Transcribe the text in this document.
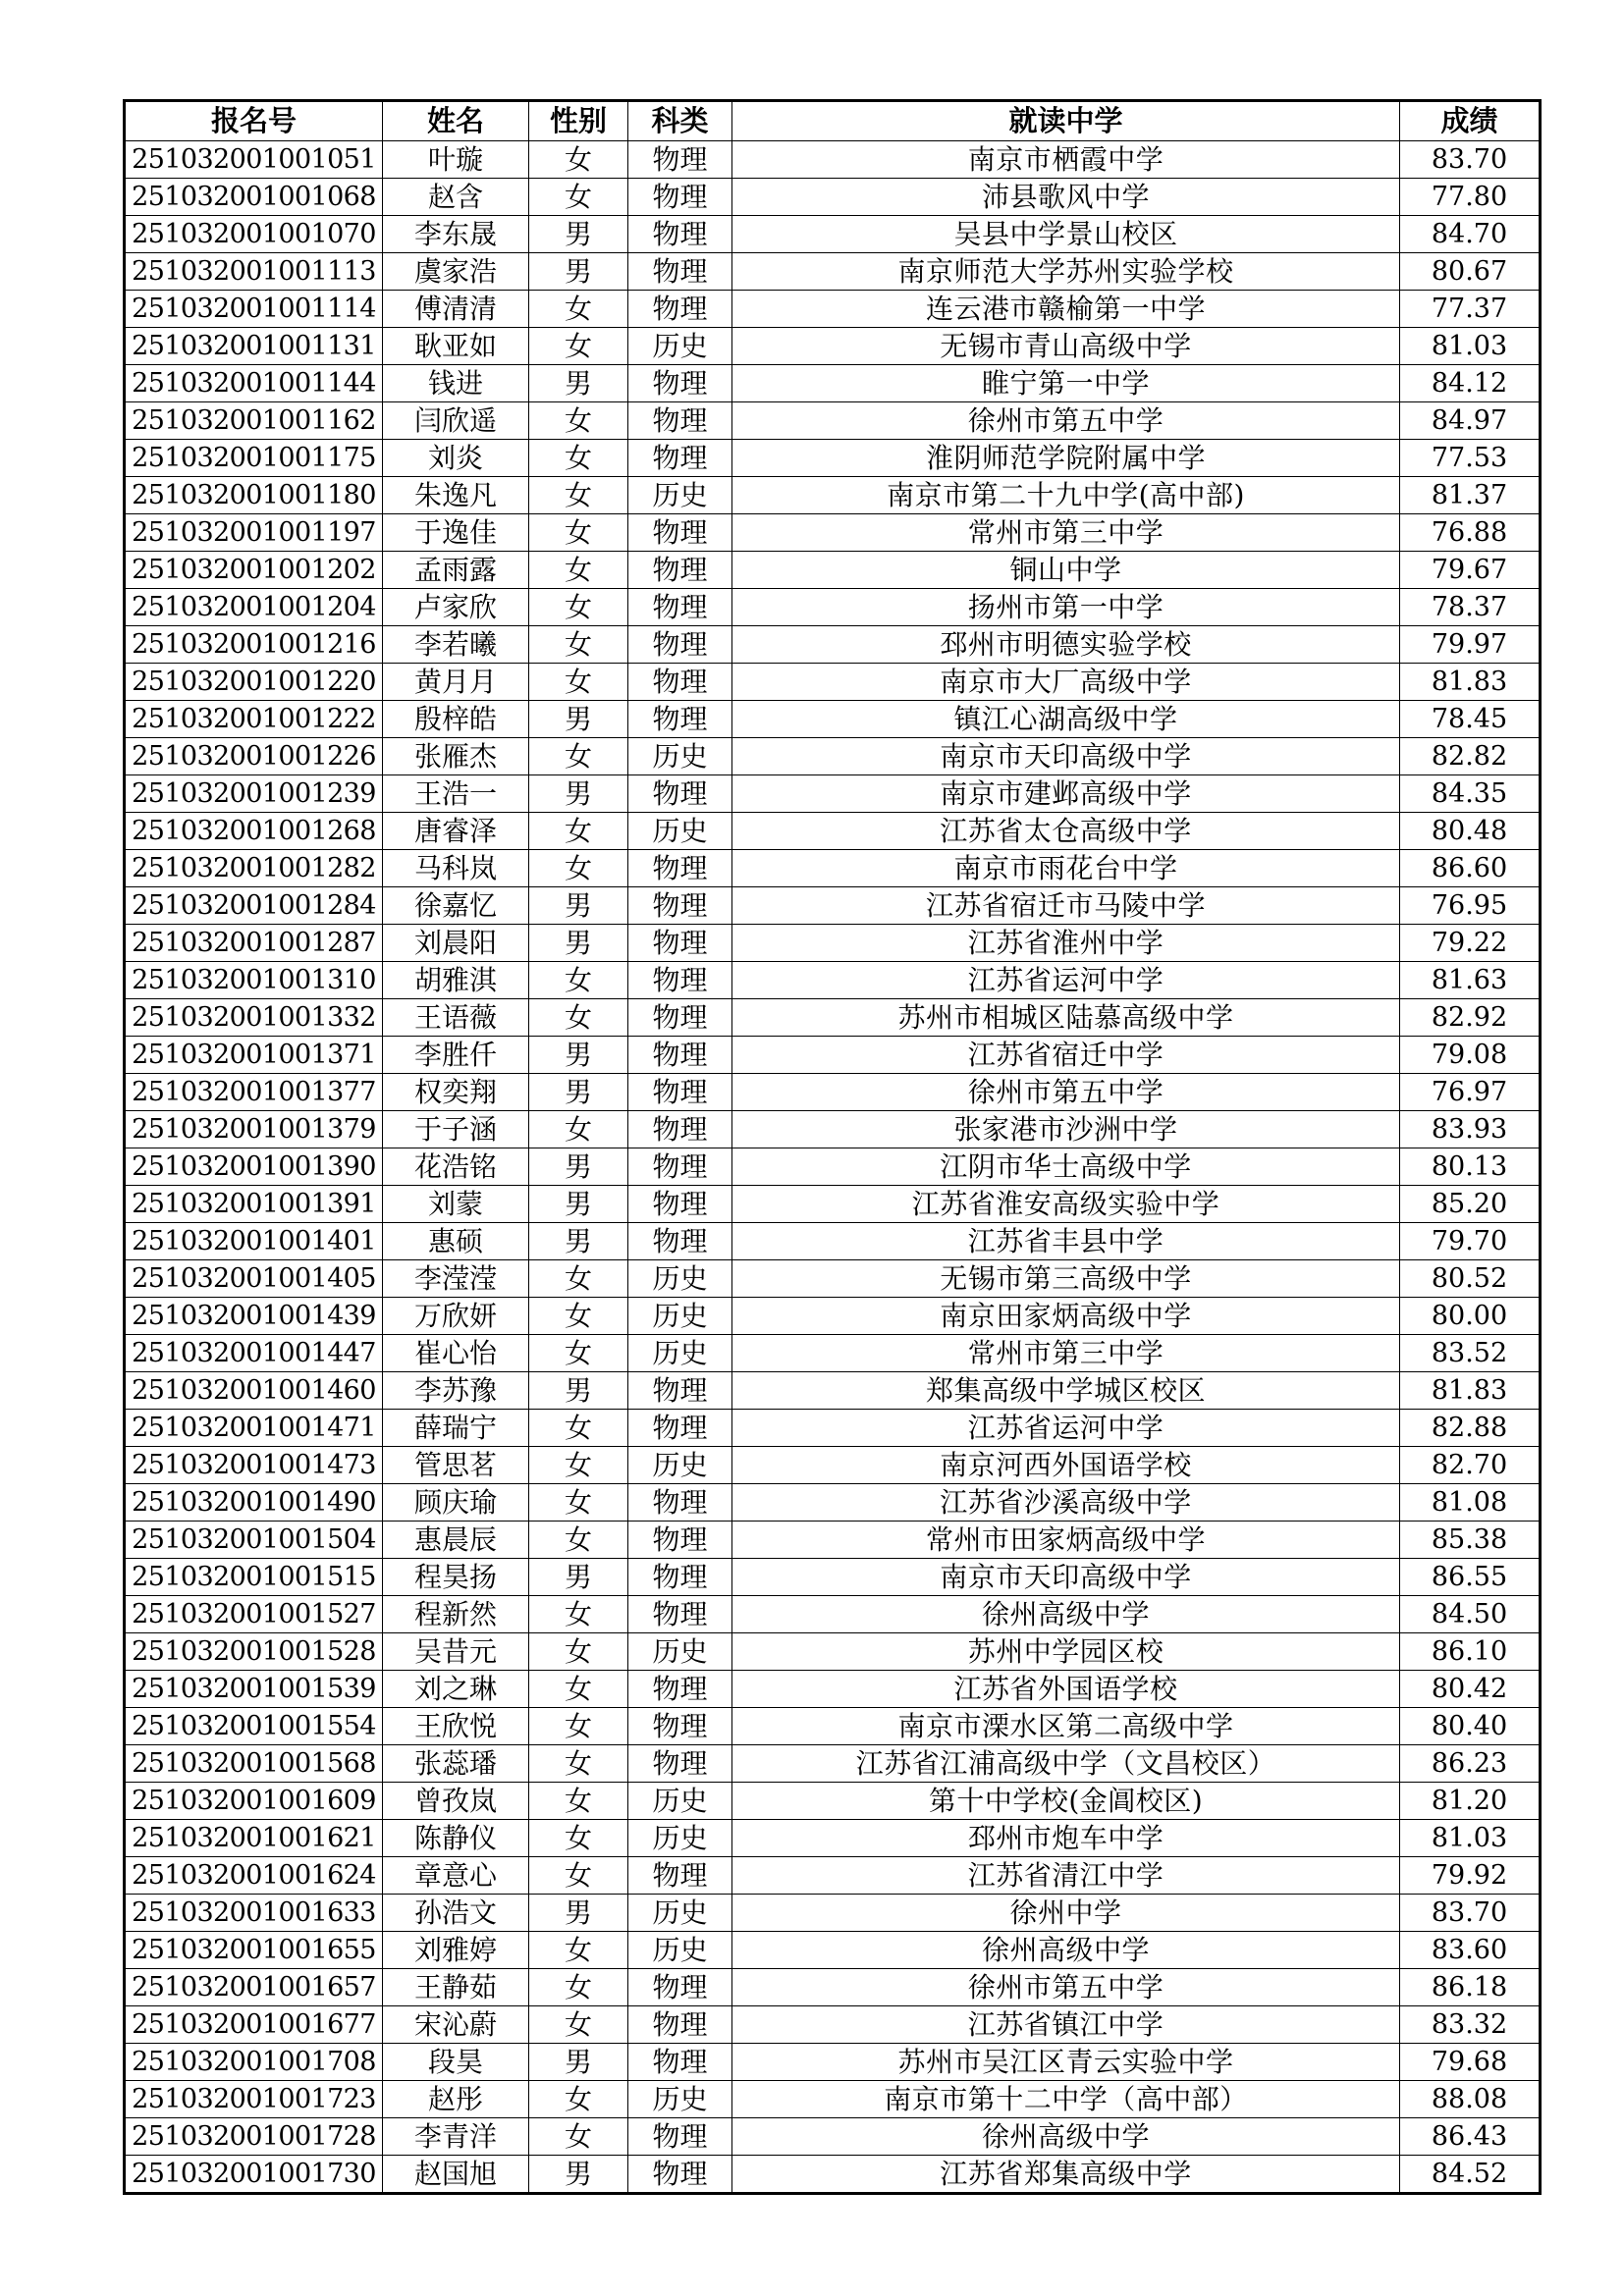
报名号	姓名	性别	科类	就读中学	成绩
251032001001051	叶璇	女	物理	南京市栖霞中学	83.70
251032001001068	赵含	女	物理	沛县歌风中学	77.80
251032001001070	李东晟	男	物理	吴县中学景山校区	84.70
251032001001113	虞家浩	男	物理	南京师范大学苏州实验学校	80.67
251032001001114	傅清清	女	物理	连云港市赣榆第一中学	77.37
251032001001131	耿亚如	女	历史	无锡市青山高级中学	81.03
251032001001144	钱进	男	物理	睢宁第一中学	84.12
251032001001162	闫欣遥	女	物理	徐州市第五中学	84.97
251032001001175	刘炎	女	物理	淮阴师范学院附属中学	77.53
251032001001180	朱逸凡	女	历史	南京市第二十九中学(高中部)	81.37
251032001001197	于逸佳	女	物理	常州市第三中学	76.88
251032001001202	孟雨露	女	物理	铜山中学	79.67
251032001001204	卢家欣	女	物理	扬州市第一中学	78.37
251032001001216	李若曦	女	物理	邳州市明德实验学校	79.97
251032001001220	黄月月	女	物理	南京市大厂高级中学	81.83
251032001001222	殷梓皓	男	物理	镇江心湖高级中学	78.45
251032001001226	张雁杰	女	历史	南京市天印高级中学	82.82
251032001001239	王浩一	男	物理	南京市建邺高级中学	84.35
251032001001268	唐睿泽	女	历史	江苏省太仓高级中学	80.48
251032001001282	马科岚	女	物理	南京市雨花台中学	86.60
251032001001284	徐嘉忆	男	物理	江苏省宿迁市马陵中学	76.95
251032001001287	刘晨阳	男	物理	江苏省淮州中学	79.22
251032001001310	胡雅淇	女	物理	江苏省运河中学	81.63
251032001001332	王语薇	女	物理	苏州市相城区陆慕高级中学	82.92
251032001001371	李胜仟	男	物理	江苏省宿迁中学	79.08
251032001001377	权奕翔	男	物理	徐州市第五中学	76.97
251032001001379	于子涵	女	物理	张家港市沙洲中学	83.93
251032001001390	花浩铭	男	物理	江阴市华士高级中学	80.13
251032001001391	刘蒙	男	物理	江苏省淮安高级实验中学	85.20
251032001001401	惠硕	男	物理	江苏省丰县中学	79.70
251032001001405	李滢滢	女	历史	无锡市第三高级中学	80.52
251032001001439	万欣妍	女	历史	南京田家炳高级中学	80.00
251032001001447	崔心怡	女	历史	常州市第三中学	83.52
251032001001460	李苏豫	男	物理	郑集高级中学城区校区	81.83
251032001001471	薛瑞宁	女	物理	江苏省运河中学	82.88
251032001001473	管思茗	女	历史	南京河西外国语学校	82.70
251032001001490	顾庆瑜	女	物理	江苏省沙溪高级中学	81.08
251032001001504	惠晨辰	女	物理	常州市田家炳高级中学	85.38
251032001001515	程昊扬	男	物理	南京市天印高级中学	86.55
251032001001527	程新然	女	物理	徐州高级中学	84.50
251032001001528	吴昔元	女	历史	苏州中学园区校	86.10
251032001001539	刘之琳	女	物理	江苏省外国语学校	80.42
251032001001554	王欣悦	女	物理	南京市溧水区第二高级中学	80.40
251032001001568	张蕊璠	女	物理	江苏省江浦高级中学（文昌校区）	86.23
251032001001609	曾孜岚	女	历史	第十中学校(金阊校区)	81.20
251032001001621	陈静仪	女	历史	邳州市炮车中学	81.03
251032001001624	章意心	女	物理	江苏省清江中学	79.92
251032001001633	孙浩文	男	历史	徐州中学	83.70
251032001001655	刘雅婷	女	历史	徐州高级中学	83.60
251032001001657	王静茹	女	物理	徐州市第五中学	86.18
251032001001677	宋沁蔚	女	物理	江苏省镇江中学	83.32
251032001001708	段昊	男	物理	苏州市吴江区青云实验中学	79.68
251032001001723	赵彤	女	历史	南京市第十二中学（高中部）	88.08
251032001001728	李青洋	女	物理	徐州高级中学	86.43
251032001001730	赵国旭	男	物理	江苏省郑集高级中学	84.52
